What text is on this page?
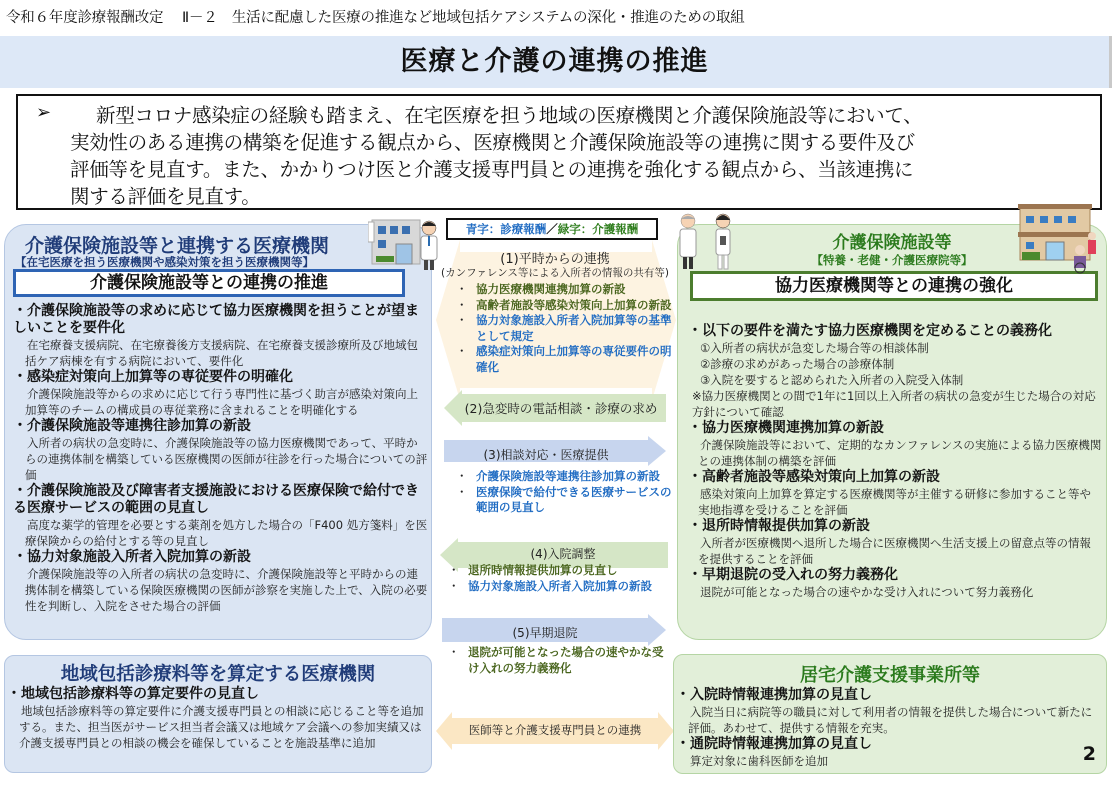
令和６年度診療報酬改定　 Ⅱ－２　生活に配慮した医療の推進など地域包括ケアシステムの深化・推進のための取組
医療と介護の連携の推進
➢	新型コロナ感染症の経験も踏まえ、在宅医療を担う地域の医療機関と介護保険施設等において、
実効性のある連携の構築を促進する観点から、医療機関と介護保険施設等の連携に関する要件及び
評価等を見直す。また、かかりつけ医と介護支援専門員との連携を強化する観点から、当該連携に
関する評価を見直す。

介護保険施設等と連携する医療機関
【在宅医療を担う医療機関や感染対策を担う医療機関等】
介護保険施設等との連携の推進
・介護保険施設等の求めに応じて協力医療機関を担うことが望ましいことを要件化
在宅療養支援病院、在宅療養後方支援病院、在宅療養支援診療所及び地域包括ケア病棟を有する病院において、要件化
・感染症対策向上加算等の専従要件の明確化
介護保険施設等からの求めに応じて行う専門性に基づく助言が感染対策向上加算等のチームの構成員の専従業務に含まれることを明確化する
・介護保険施設等連携往診加算の新設
入所者の病状の急変時に、介護保険施設等の協力医療機関であって、平時からの連携体制を構築している医療機関の医師が往診を行った場合についての評価
・介護保険施設及び障害者支援施設における医療保険で給付できる医療サービスの範囲の見直し
高度な薬学的管理を必要とする薬剤を処方した場合の「F400 処方箋料」を医療保険からの給付とする等の見直し
・協力対象施設入所者入院加算の新設
介護保険施設等の入所者の病状の急変時に、介護保険施設等と平時からの連携体制を構築している保険医療機関の医師が診察を実施した上で、入院の必要性を判断し、入院をさせた場合の評価
地域包括診療料等を算定する医療機関
・地域包括診療料等の算定要件の見直し
地域包括診療料等の算定要件に介護支援専門員との相談に応じること等を追加する。また、担当医がサービス担当者会議又は地域ケア会議への参加実績又は介護支援専門員との相談の機会を確保していることを施設基準に追加
青字：診療報酬／緑字：介護報酬
(1)平時からの連携
(カンファレンス等による入所者の情報の共有等)
・ 協力医療機関連携加算の新設
・ 高齢者施設等感染対策向上加算の新設
・ 協力対象施設入所者入院加算等の基準として規定
・ 感染症対策向上加算等の専従要件の明確化
(2)急変時の電話相談・診療の求め
(3)相談対応・医療提供
・ 介護保険施設等連携往診加算の新設
・ 医療保険で給付できる医療サービスの範囲の見直し
(4)入院調整
・ 退所時情報提供加算の見直し
・ 協力対象施設入所者入院加算の新設
(5)早期退院
・ 退院が可能となった場合の速やかな受け入れの努力義務化
医師等と介護支援専門員との連携
介護保険施設等
【特養・老健・介護医療院等】
協力医療機関等との連携の強化
・以下の要件を満たす協力医療機関を定めることの義務化
①入所者の病状が急変した場合等の相談体制
②診療の求めがあった場合の診療体制
③入院を要すると認められた入所者の入院受入体制
※協力医療機関との間で1年に1回以上入所者の病状の急変が生じた場合の対応方針について確認
・協力医療機関連携加算の新設
介護保険施設等において、定期的なカンファレンスの実施による協力医療機関との連携体制の構築を評価
・高齢者施設等感染対策向上加算の新設
感染対策向上加算を算定する医療機関等が主催する研修に参加すること等や実地指導を受けることを評価
・退所時情報提供加算の新設
入所者が医療機関へ退所した場合に医療機関へ生活支援上の留意点等の情報を提供することを評価
・早期退院の受入れの努力義務化
退院が可能となった場合の速やかな受け入れについて努力義務化
居宅介護支援事業所等
・入院時情報連携加算の見直し
入院当日に病院等の職員に対して利用者の情報を提供した場合について新たに評価。あわせて、提供する情報を充実。
・通院時情報連携加算の見直し
算定対象に歯科医師を追加	2
